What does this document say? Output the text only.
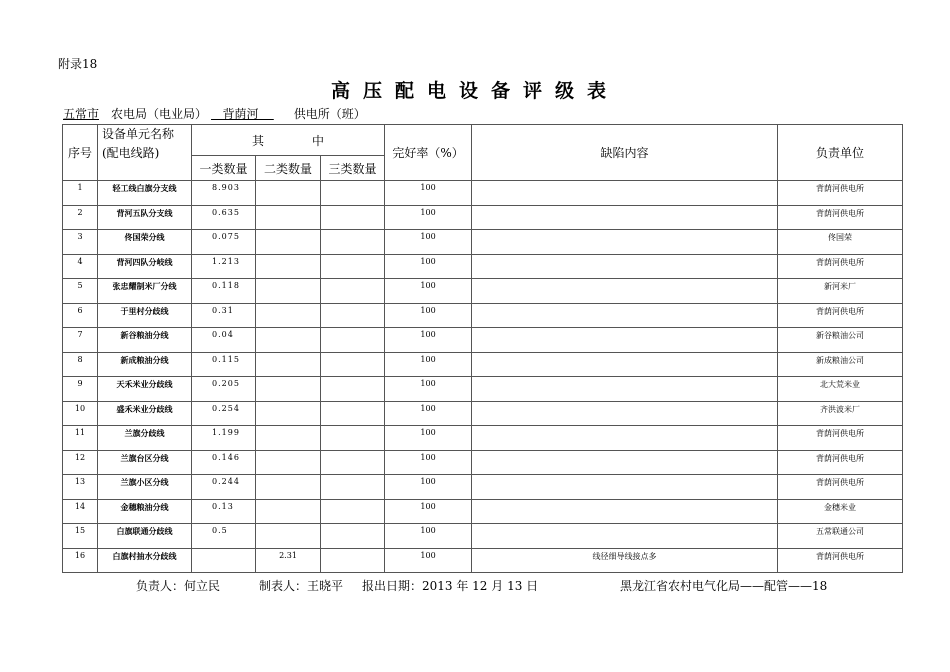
附录18
高压配电设备评级表
五常市 农电局（电业局） 背荫河	供电所（班）
序号	设备单元名称
(配电线路)	其　　　　中			完好率（%）	缺陷内容	负责单位
		一类数量	二类数量	三类数量			
1	轻工线白旗分支线	8.903			100		背荫河供电所
2	背河五队分支线	0.635			100		背荫河供电所
3	佟国荣分线	0.075			100		佟国荣
4	背河四队分岐线	1.213			100		背荫河供电所
5	张忠耀制米厂分线	0.118			100		新河米厂
6	于里村分歧线	0.31			100		背荫河供电所
7	新谷粮油分线	0.04			100		新谷粮油公司
8	新成粮油分线	0.115			100		新成粮油公司
9	天禾米业分歧线	0.205			100		北大荒米业
10	盛禾米业分歧线	0.254			100		齐洪波米厂
11	兰旗分歧线	1.199			100		背荫河供电所
12	兰旗台区分线	0.146			100		背荫河供电所
13	兰旗小区分线	0.244			100		背荫河供电所
14	金穗粮油分线	0.13			100		金穗米业
15	白旗联通分歧线	0.5			100		五常联通公司
16	白旗村抽水分歧线		2.31		100	线径细导线接点多	背荫河供电所
负责人：何立民	制表人：王晓平 报出日期：2013 年 12 月 13 日	黑龙江省农村电气化局——配管——18
